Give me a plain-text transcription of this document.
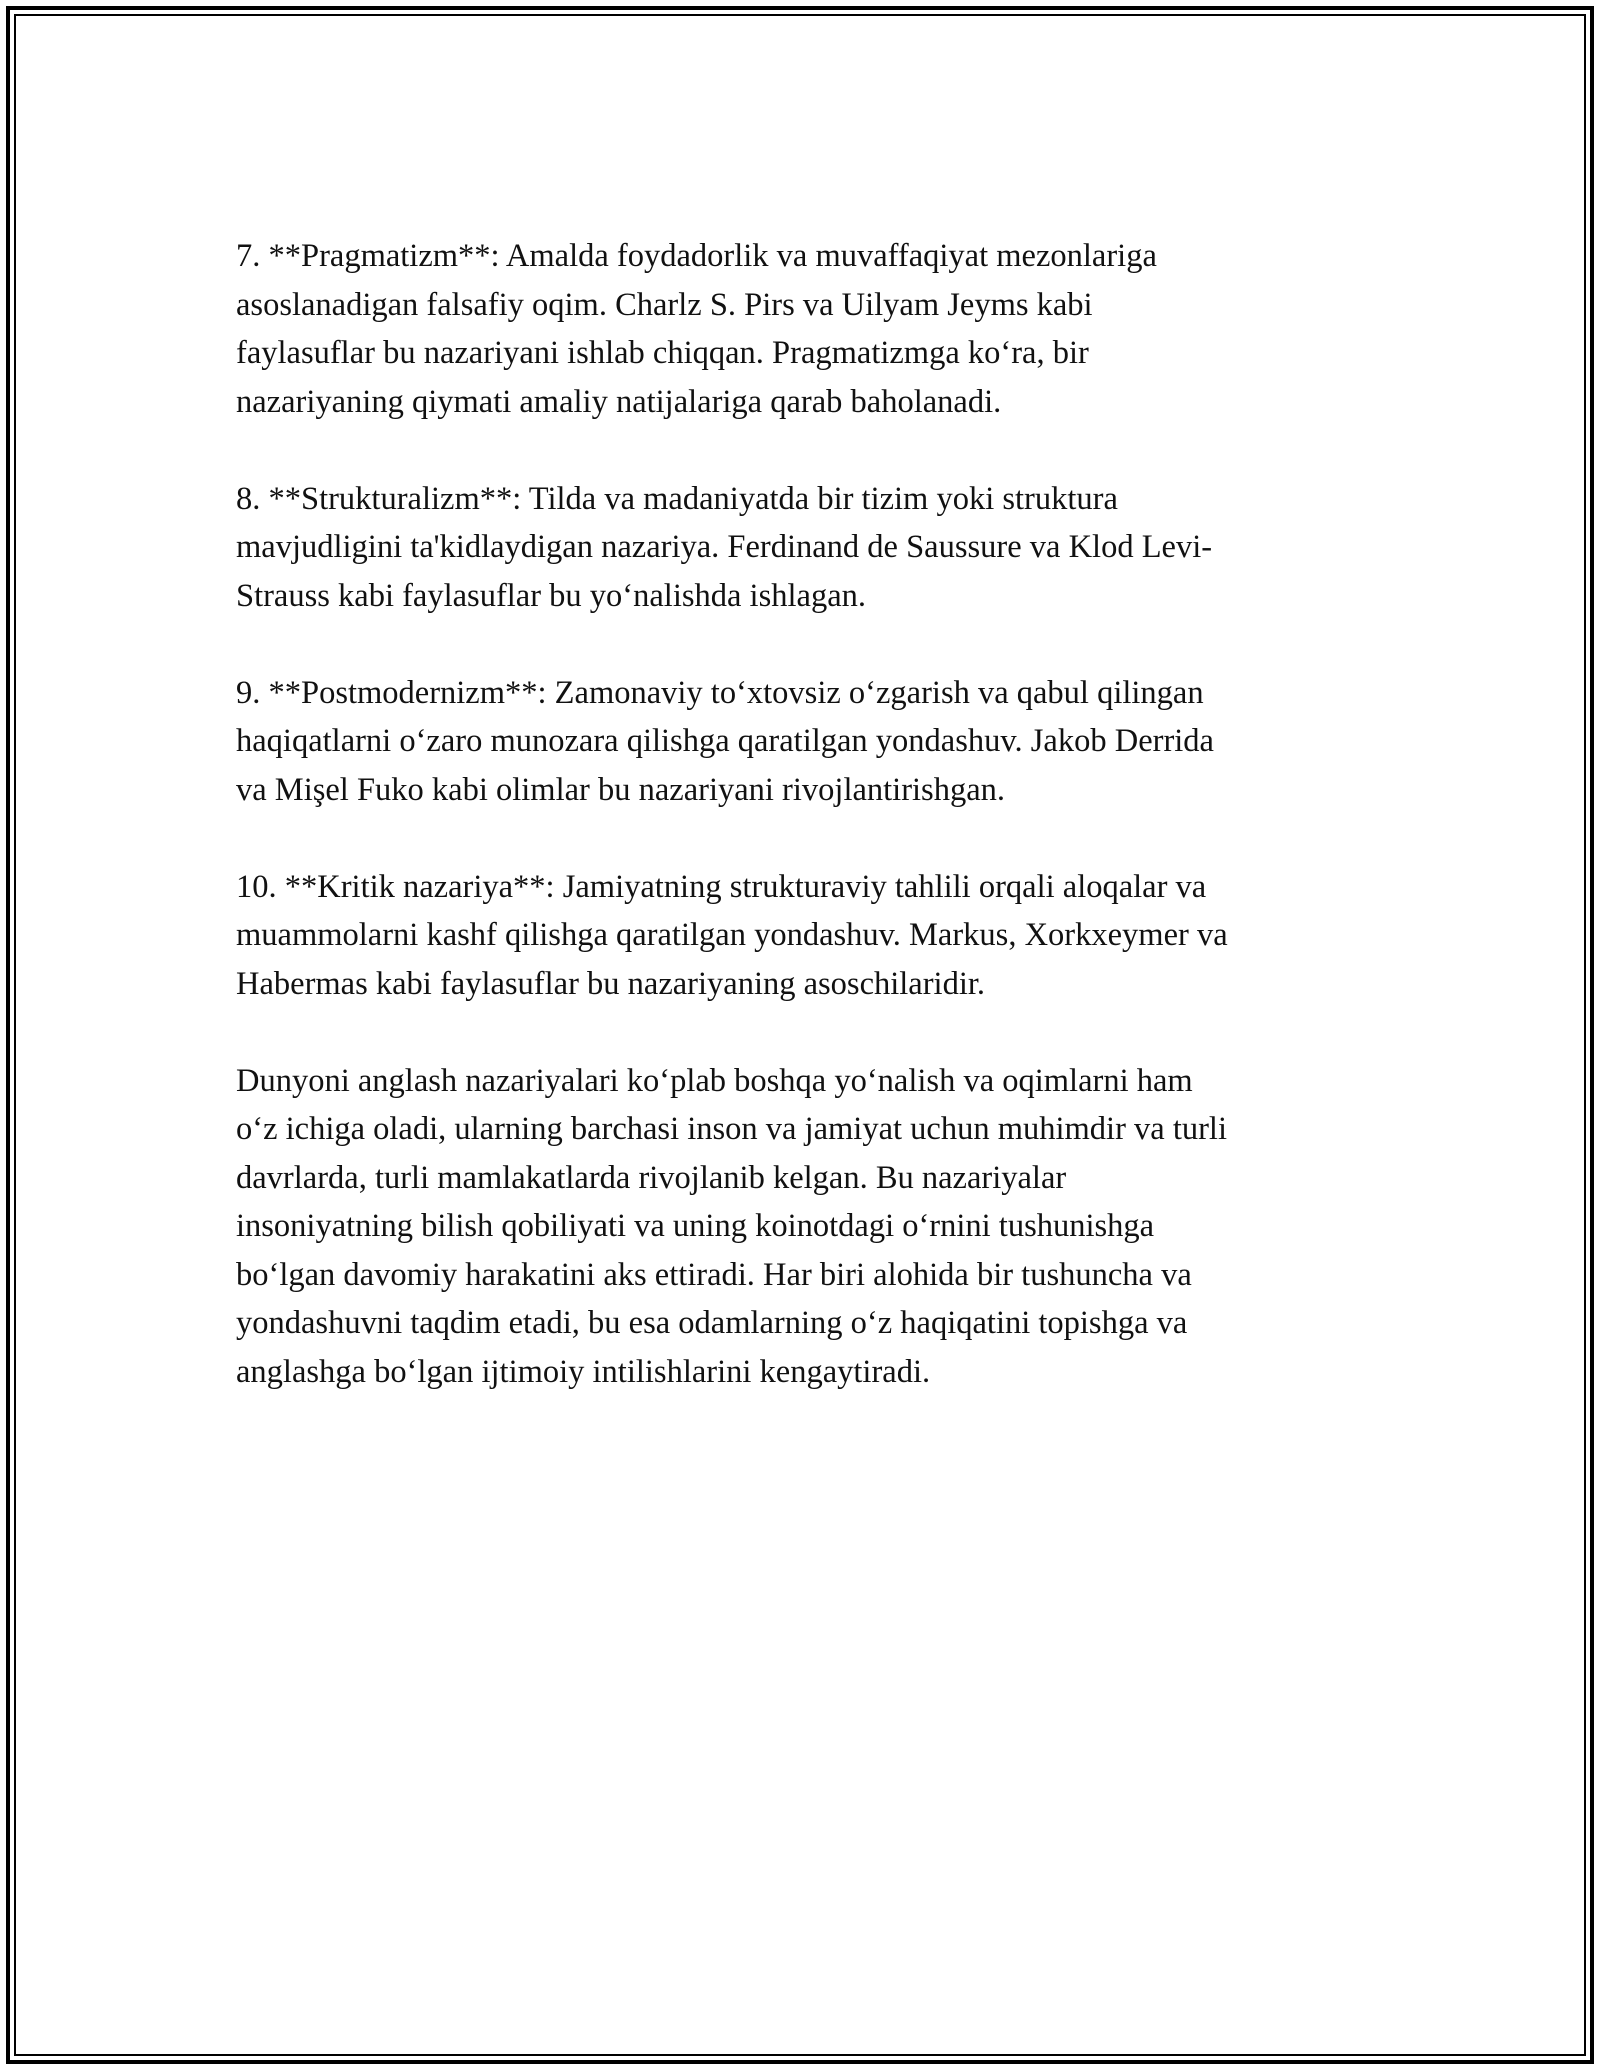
7. **Pragmatizm**: Amalda foydadorlik va muvaffaqiyat mezonlariga
asoslanadigan falsafiy oqim. Charlz S. Pirs va Uilyam Jeyms kabi
faylasuflar bu nazariyani ishlab chiqqan. Pragmatizmga ko‘ra, bir
nazariyaning qiymati amaliy natijalariga qarab baholanadi.

8. **Strukturalizm**: Tilda va madaniyatda bir tizim yoki struktura
mavjudligini ta'kidlaydigan nazariya. Ferdinand de Saussure va Klod Levi-
Strauss kabi faylasuflar bu yo‘nalishda ishlagan.

9. **Postmodernizm**: Zamonaviy to‘xtovsiz o‘zgarish va qabul qilingan
haqiqatlarni o‘zaro munozara qilishga qaratilgan yondashuv. Jakob Derrida
va Mişel Fuko kabi olimlar bu nazariyani rivojlantirishgan.

10. **Kritik nazariya**: Jamiyatning strukturaviy tahlili orqali aloqalar va
muammolarni kashf qilishga qaratilgan yondashuv. Markus, Xorkxeymer va
Habermas kabi faylasuflar bu nazariyaning asoschilaridir.

Dunyoni anglash nazariyalari ko‘plab boshqa yo‘nalish va oqimlarni ham
o‘z ichiga oladi, ularning barchasi inson va jamiyat uchun muhimdir va turli
davrlarda, turli mamlakatlarda rivojlanib kelgan. Bu nazariyalar
insoniyatning bilish qobiliyati va uning koinotdagi o‘rnini tushunishga
bo‘lgan davomiy harakatini aks ettiradi. Har biri alohida bir tushuncha va
yondashuvni taqdim etadi, bu esa odamlarning o‘z haqiqatini topishga va
anglashga bo‘lgan ijtimoiy intilishlarini kengaytiradi.
